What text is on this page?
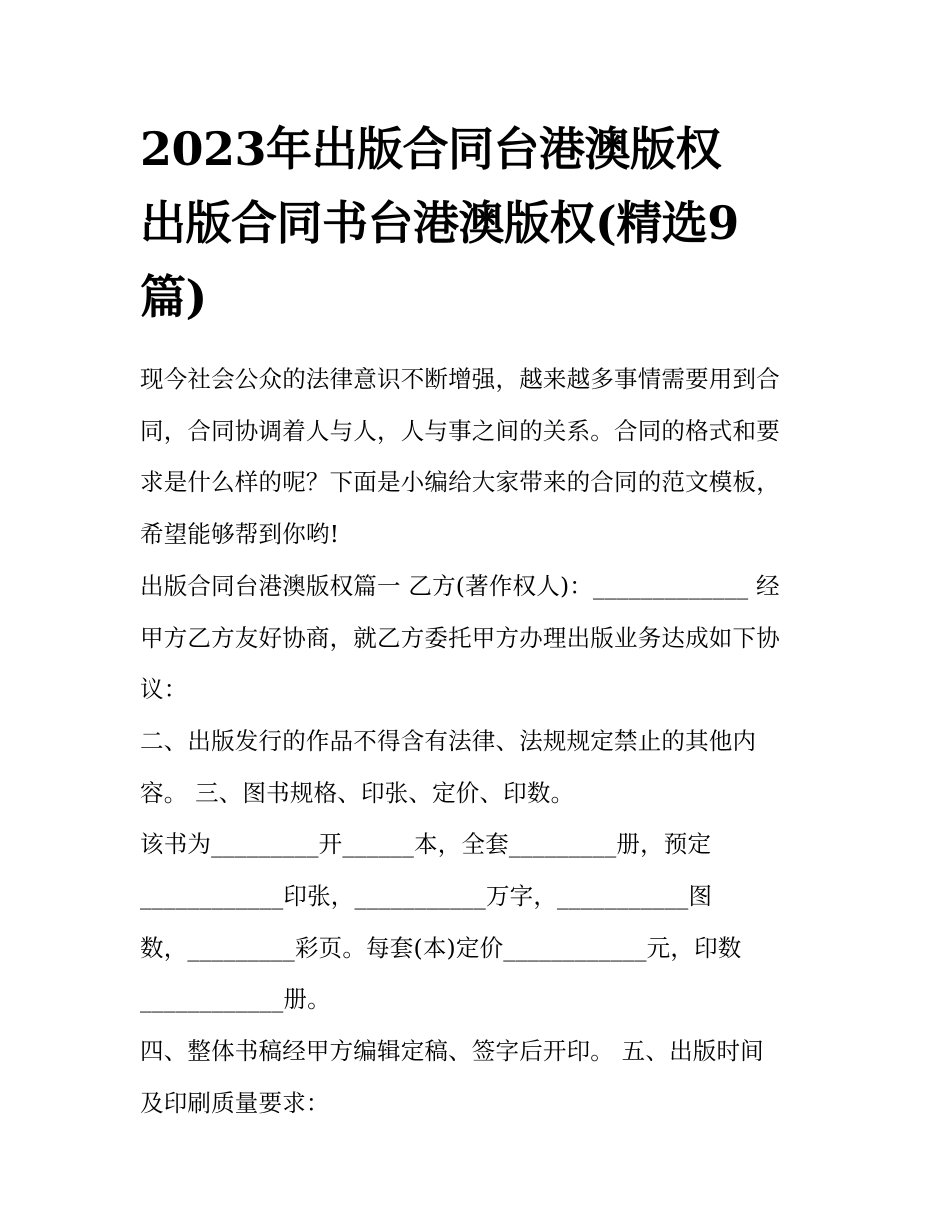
2023年出版合同台港澳版权
出版合同书台港澳版权(精选9
篇)

现今社会公众的法律意识不断增强，越来越多事情需要用到合

同，合同协调着人与人，人与事之间的关系。合同的格式和要

求是什么样的呢？下面是小编给大家带来的合同的范文模板，

希望能够帮到你哟!

出版合同台港澳版权篇一 乙方(著作权人)：_____________ 经

甲方乙方友好协商，就乙方委托甲方办理出版业务达成如下协

议：

二、出版发行的作品不得含有法律、法规规定禁止的其他内

容。 三、图书规格、印张、定价、印数。

该书为_________开______本，全套_________册，预定

____________印张，___________万字，___________图

数，_________彩页。每套(本)定价____________元，印数

____________册。

四、整体书稿经甲方编辑定稿、签字后开印。 五、出版时间

及印刷质量要求：
